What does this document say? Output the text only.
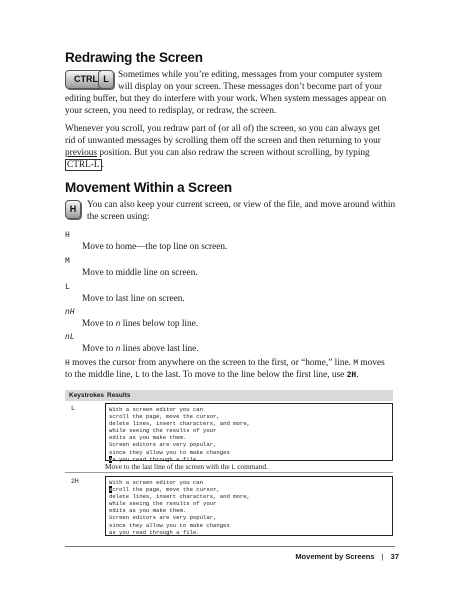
Redrawing the Screen
CTRL L Sometimes while you’re editing, messages from your computer system

will display on your screen. These messages don’t become part of your

editing buffer, but they do interfere with your work. When system messages appear on

your screen, you need to redisplay, or redraw, the screen.

Whenever you scroll, you redraw part of (or all of) the screen, so you can always get

rid of unwanted messages by scrolling them off the screen and then returning to your

previous position. But you can also redraw the screen without scrolling, by typing

CTRL-L .

Movement Within a Screen
H	You can also keep your current screen, or view of the file, and move around within

the screen using:

H
Move to home—the top line on screen.
M
Move to middle line on screen.
L
Move to last line on screen.
nH
Move to n lines below top line.
nL
Move to n lines above last line.

H moves the cursor from anywhere on the screen to the first, or “home,” line. M moves

to the middle line, L to the last. To move to the line below the first line, use 2H.

Keystrokes Results
L	With a screen editor you can
scroll the page, move the cursor,
delete lines, insert characters, and more,
while seeing the results of your
edits as you make them.
Screen editors are very popular,
since they allow you to make changes
as you read through a file.
Move to the last line of the screen with the L command.
2H	With a screen editor you can
scroll the page, move the cursor,
delete lines, insert characters, and more,
while seeing the results of your
edits as you make them.
Screen editors are very popular,
since they allow you to make changes
as you read through a file.
Movement by Screens | 37
